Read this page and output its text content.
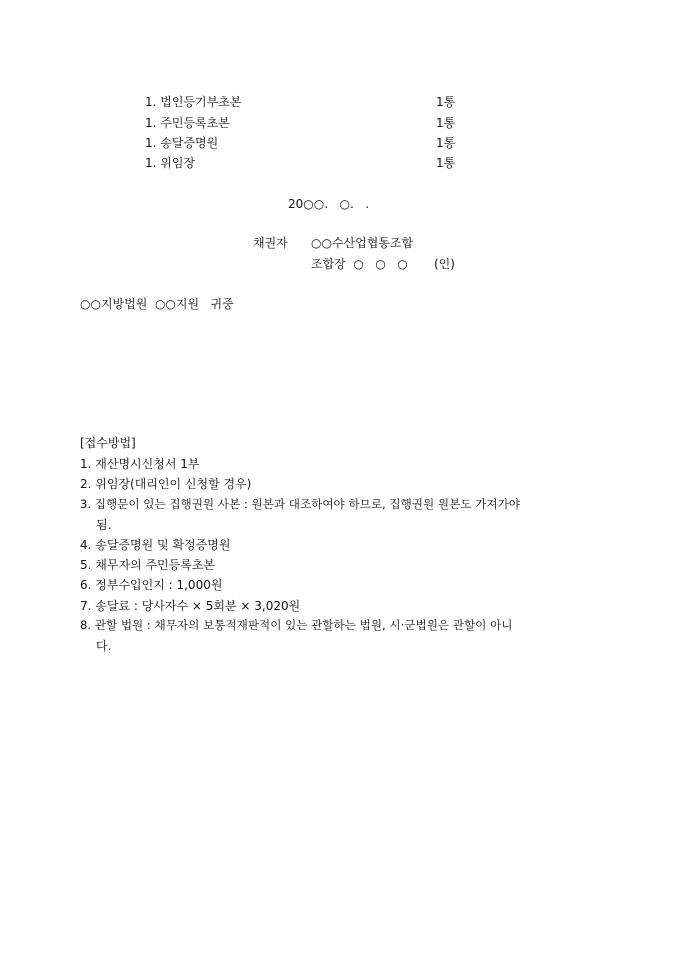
1. 법인등기부초본	1통
1. 주민등록초본	1통
1. 송달증명원	1통
1. 위임장	1통
20○○.   ○.   .
채권자 ○○수산업협동조합
조합장  ○   ○   ○ (인)
○○지방법원  ○○지원   귀중
[접수방법]
1. 재산명시신청서 1부
2. 위임장(대리인이 신청할 경우)
3. 집행문이 있는 집행권원 사본 : 원본과 대조하여야 하므로, 집행권원 원본도 가져가야
됨.
4. 송달증명원 및 확정증명원
5. 채무자의 주민등록초본
6. 정부수입인지 : 1,000원
7. 송달료 : 당사자수 × 5회분 × 3,020원
8. 관할 법원 : 채무자의 보통적재판적이 있는 관할하는 법원, 시·군법원은 관할이 아니
다.
